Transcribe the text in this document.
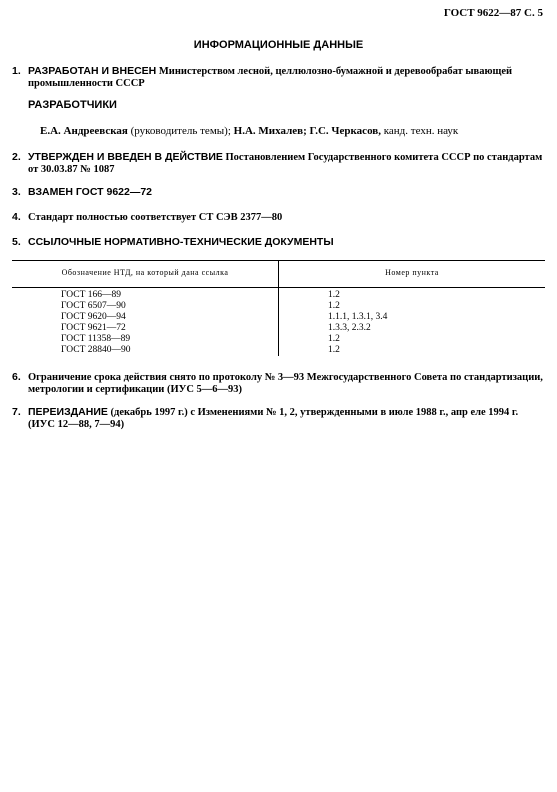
ГОСТ 9622—87 С. 5
ИНФОРМАЦИОННЫЕ ДАННЫЕ
1. РАЗРАБОТАН И ВНЕСЕН Министерством лесной, целлюлозно-бумажной и деревообрабат ывающей промышленности СССР
РАЗРАБОТЧИКИ
Е.А. Андреевская (руководитель темы); Н.А. Михалев; Г.С. Черкасов, канд. техн. наук
2. УТВЕРЖДЕН И ВВЕДЕН В ДЕЙСТВИЕ Постановлением Государственного комитета СССР по стандартам от 30.03.87 № 1087
3. ВЗАМЕН ГОСТ 9622—72
4. Стандарт полностью соответствует СТ СЭВ 2377—80
5. ССЫЛОЧНЫЕ НОРМАТИВНО-ТЕХНИЧЕСКИЕ ДОКУМЕНТЫ
Обозначение НТД, на который дана ссылка	Номер пункта
ГОСТ 166—89
ГОСТ 6507—90
ГОСТ 9620—94
ГОСТ 9621—72
ГОСТ 11358—89
ГОСТ 28840—90
1.2
1.2
1.1.1, 1.3.1, 3.4
1.3.3, 2.3.2
1.2
1.2
6. Ограничение срока действия снято по протоколу № 3—93 Межгосударственного Совета по стандартизации, метрологии и сертификации (ИУС 5—6—93)
7. ПЕРЕИЗДАНИЕ (декабрь 1997 г.) с Изменениями № 1, 2, утвержденными в июле 1988 г., апр еле 1994 г. (ИУС 12—88, 7—94)
